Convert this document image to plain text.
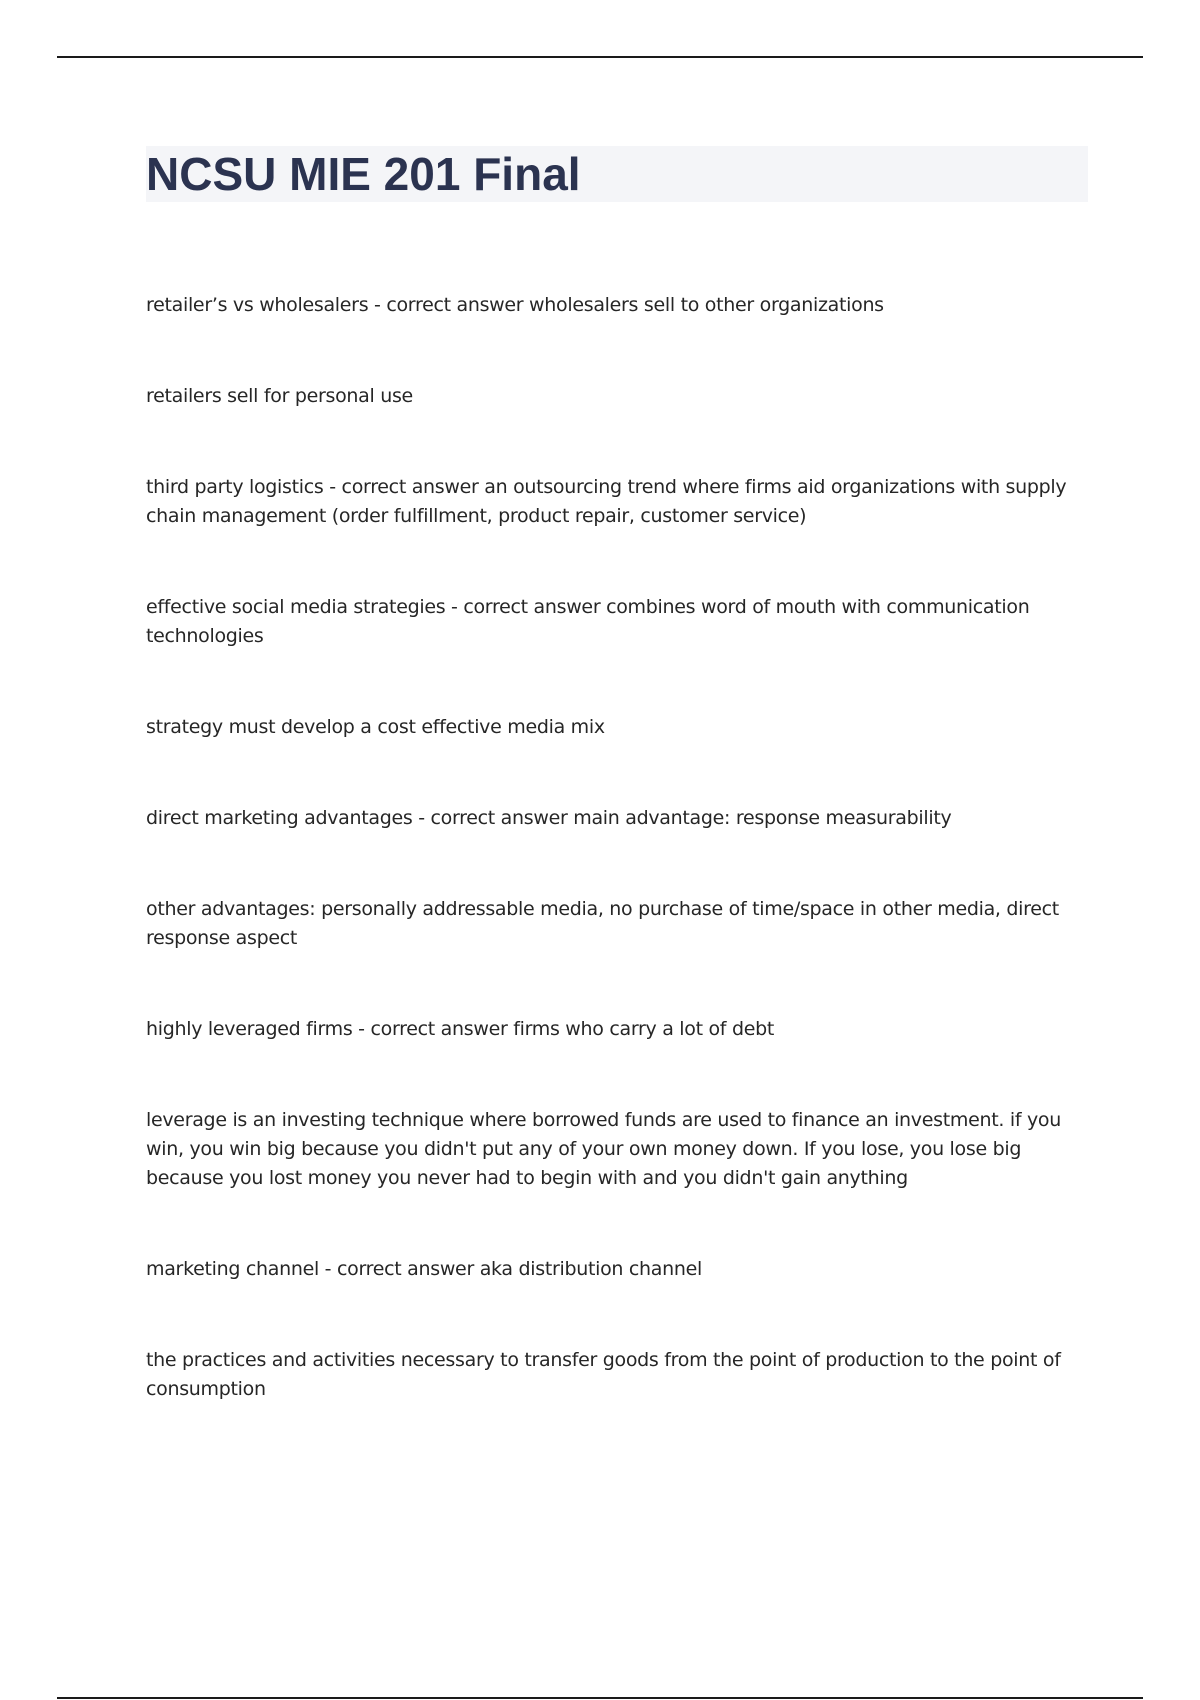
NCSU MIE 201 Final

retailer’s vs wholesalers - correct answer wholesalers sell to other organizations

retailers sell for personal use

third party logistics - correct answer an outsourcing trend where firms aid organizations with supply chain management (order fulfillment, product repair, customer service)

effective social media strategies - correct answer combines word of mouth with communication technologies

strategy must develop a cost effective media mix

direct marketing advantages - correct answer main advantage: response measurability

other advantages: personally addressable media, no purchase of time/space in other media, direct response aspect

highly leveraged firms - correct answer firms who carry a lot of debt

leverage is an investing technique where borrowed funds are used to finance an investment. if you win, you win big because you didn't put any of your own money down. If you lose, you lose big because you lost money you never had to begin with and you didn't gain anything

marketing channel - correct answer aka distribution channel

the practices and activities necessary to transfer goods from the point of production to the point of consumption
